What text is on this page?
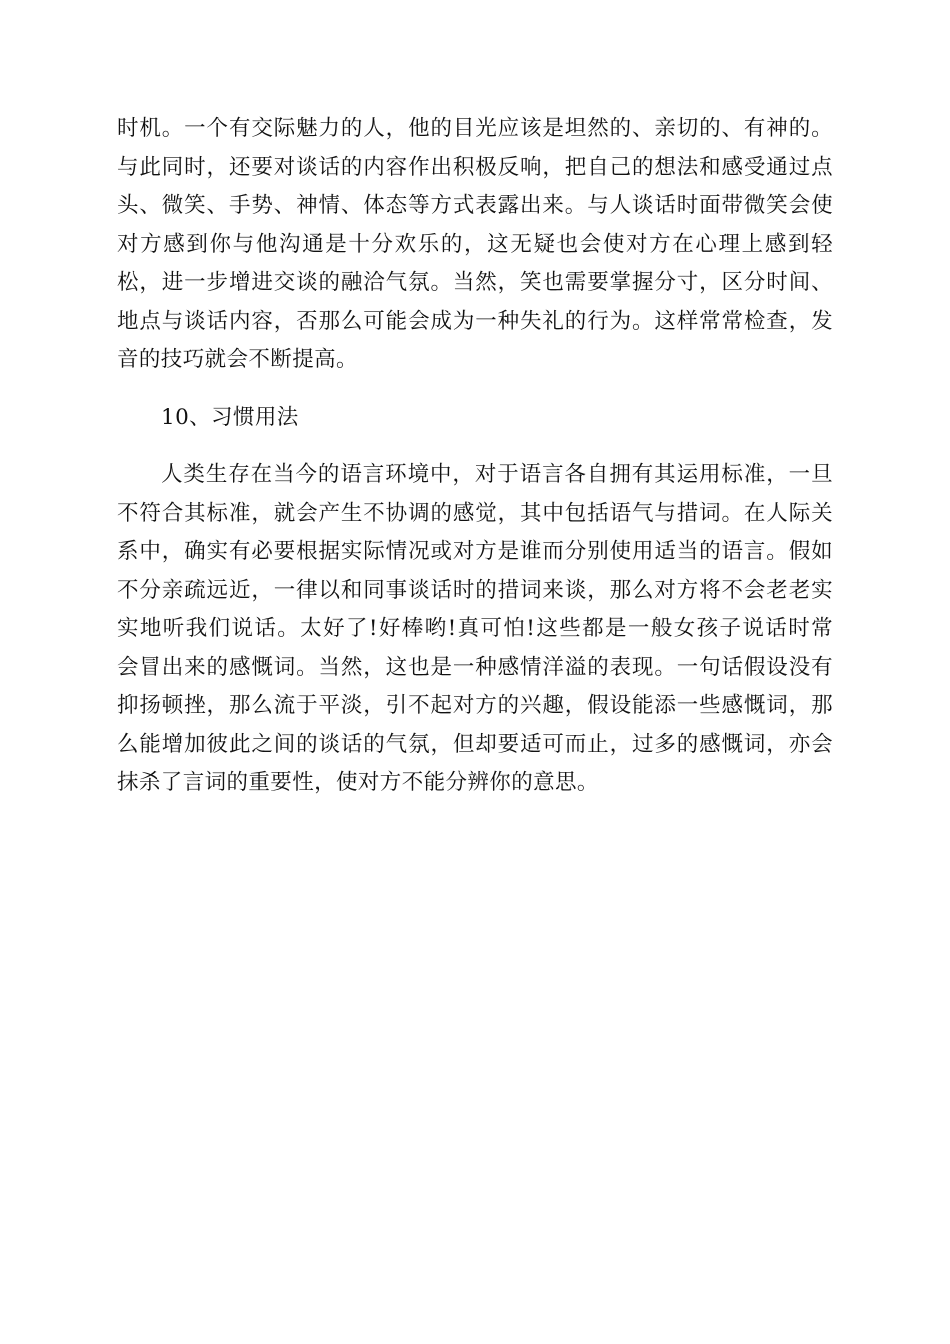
时机。一个有交际魅力的人，他的目光应该是坦然的、亲切的、有神的。
与此同时，还要对谈话的内容作出积极反响，把自己的想法和感受通过点
头、微笑、手势、神情、体态等方式表露出来。与人谈话时面带微笑会使
对方感到你与他沟通是十分欢乐的，这无疑也会使对方在心理上感到轻
松，进一步增进交谈的融洽气氛。当然，笑也需要掌握分寸，区分时间、
地点与谈话内容，否那么可能会成为一种失礼的行为。这样常常检查，发
音的技巧就会不断提高。
10、习惯用法
人类生存在当今的语言环境中，对于语言各自拥有其运用标准，一旦
不符合其标准，就会产生不协调的感觉，其中包括语气与措词。在人际关
系中，确实有必要根据实际情况或对方是谁而分别使用适当的语言。假如
不分亲疏远近，一律以和同事谈话时的措词来谈，那么对方将不会老老实
实地听我们说话。太好了!好棒哟!真可怕!这些都是一般女孩子说话时常
会冒出来的感慨词。当然，这也是一种感情洋溢的表现。一句话假设没有
抑扬顿挫，那么流于平淡，引不起对方的兴趣，假设能添一些感慨词，那
么能增加彼此之间的谈话的气氛，但却要适可而止，过多的感慨词，亦会
抹杀了言词的重要性，使对方不能分辨你的意思。
